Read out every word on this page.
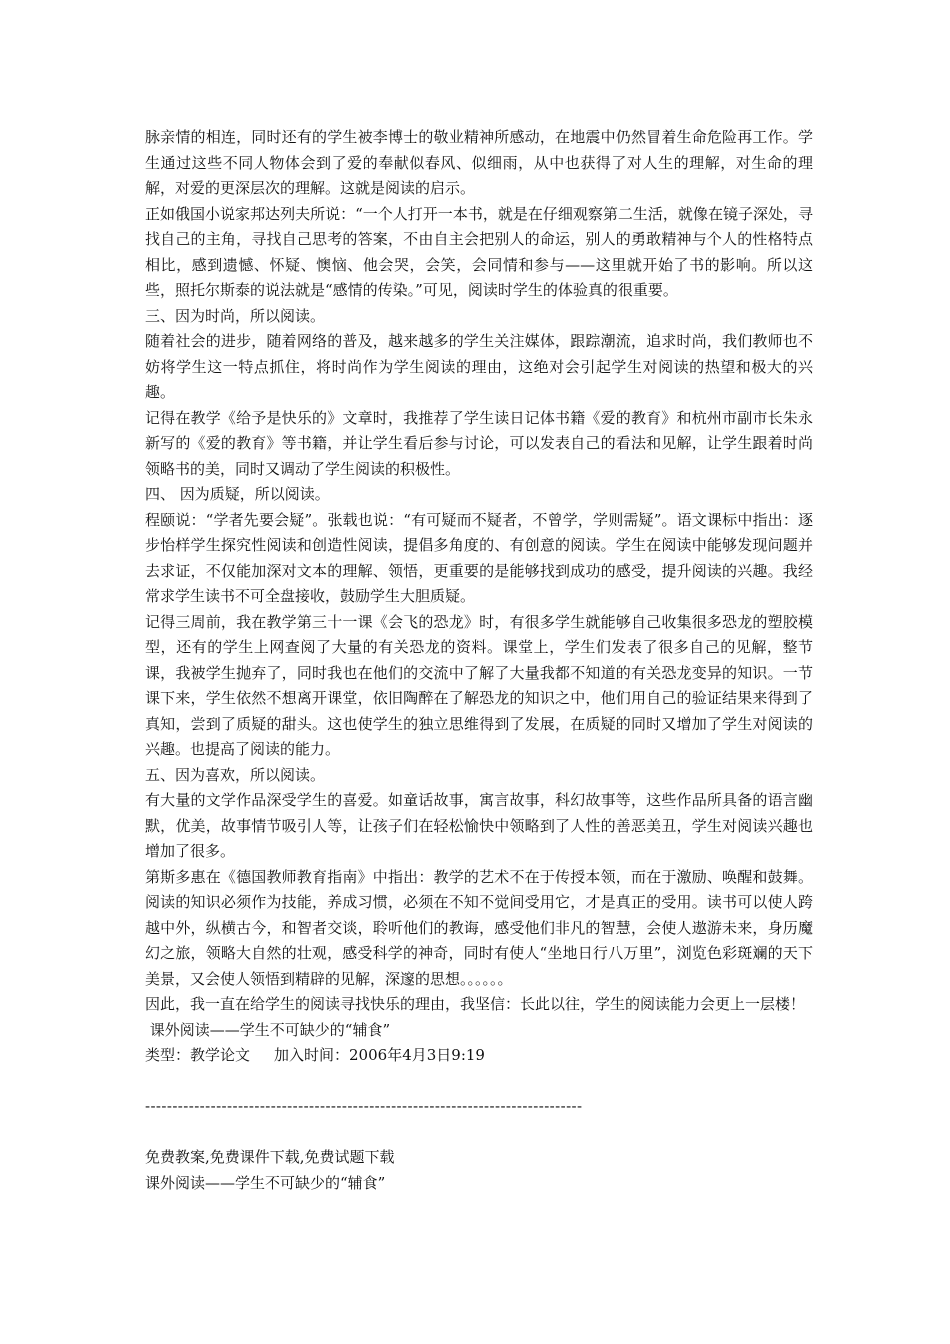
脉亲情的相连，同时还有的学生被李博士的敬业精神所感动，在地震中仍然冒着生命危险再工作。学生通过这些不同人物体会到了爱的奉献似春风、似细雨，从中也获得了对人生的理解，对生命的理解，对爱的更深层次的理解。这就是阅读的启示。

正如俄国小说家邦达列夫所说：“一个人打开一本书，就是在仔细观察第二生活，就像在镜子深处，寻找自己的主角，寻找自己思考的答案，不由自主会把别人的命运，别人的勇敢精神与个人的性格特点相比，感到遗憾、怀疑、懊恼、他会哭，会笑，会同情和参与——这里就开始了书的影响。所以这些，照托尔斯泰的说法就是“感情的传染。”可见，阅读时学生的体验真的很重要。

三、因为时尚，所以阅读。

随着社会的进步，随着网络的普及，越来越多的学生关注媒体，跟踪潮流，追求时尚，我们教师也不妨将学生这一特点抓住，将时尚作为学生阅读的理由，这绝对会引起学生对阅读的热望和极大的兴趣。

记得在教学《给予是快乐的》文章时，我推荐了学生读日记体书籍《爱的教育》和杭州市副市长朱永新写的《爱的教育》等书籍，并让学生看后参与讨论，可以发表自己的看法和见解，让学生跟着时尚领略书的美，同时又调动了学生阅读的积极性。

四、 因为质疑，所以阅读。

程颐说：“学者先要会疑”。张载也说：“有可疑而不疑者，不曾学，学则需疑”。语文课标中指出：逐步怡样学生探究性阅读和创造性阅读，提倡多角度的、有创意的阅读。学生在阅读中能够发现问题并去求证，不仅能加深对文本的理解、领悟，更重要的是能够找到成功的感受，提升阅读的兴趣。我经常求学生读书不可全盘接收，鼓励学生大胆质疑。

记得三周前，我在教学第三十一课《会飞的恐龙》时，有很多学生就能够自己收集很多恐龙的塑胶模型，还有的学生上网查阅了大量的有关恐龙的资料。课堂上，学生们发表了很多自己的见解，整节课，我被学生抛弃了，同时我也在他们的交流中了解了大量我都不知道的有关恐龙变异的知识。一节课下来，学生依然不想离开课堂，依旧陶醉在了解恐龙的知识之中，他们用自己的验证结果来得到了真知，尝到了质疑的甜头。这也使学生的独立思维得到了发展，在质疑的同时又增加了学生对阅读的兴趣。也提高了阅读的能力。

五、因为喜欢，所以阅读。

有大量的文学作品深受学生的喜爱。如童话故事，寓言故事，科幻故事等，这些作品所具备的语言幽默，优美，故事情节吸引人等，让孩子们在轻松愉快中领略到了人性的善恶美丑，学生对阅读兴趣也增加了很多。

第斯多惠在《德国教师教育指南》中指出：教学的艺术不在于传授本领，而在于激励、唤醒和鼓舞。阅读的知识必须作为技能，养成习惯，必须在不知不觉间受用它，才是真正的受用。读书可以使人跨越中外，纵横古今，和智者交谈，聆听他们的教诲，感受他们非凡的智慧，会使人遨游未来，身历魔幻之旅，领略大自然的壮观，感受科学的神奇，同时有使人“坐地日行八万里”，浏览色彩斑斓的天下美景，又会使人领悟到精辟的见解，深邃的思想。。。。。。

因此，我一直在给学生的阅读寻找快乐的理由，我坚信：长此以往，学生的阅读能力会更上一层楼！

课外阅读——学生不可缺少的“辅食”

类型：教学论文 加入时间：2006年4月3日9:19

--------------------------------------------------------------------------------

免费教案,免费课件下载,免费试题下载

课外阅读——学生不可缺少的“辅食”
